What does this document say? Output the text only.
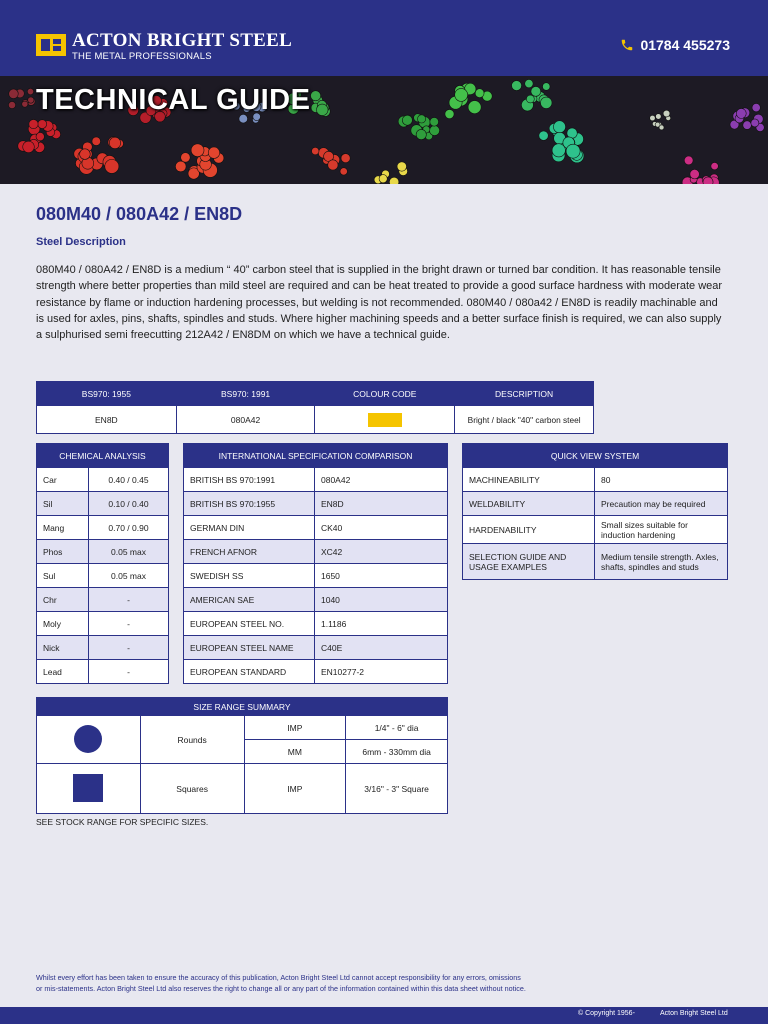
ACTON BRIGHT STEEL
THE METAL PROFESSIONALS
01784 455273
TECHNICAL GUIDE
080M40 / 080A42 / EN8D
Steel Description
080M40 / 080A42 / EN8D is a medium “ 40” carbon steel that is supplied in the bright drawn or turned bar condition. It has reasonable tensile strength where better properties than mild steel are required and can be heat treated to provide a good surface hardness with moderate wear resistance by flame or induction hardening processes, but welding is not recommended. 080M40 / 080a42 / EN8D is readily machinable and is used for axles, pins, shafts, spindles and studs. Where higher machining speeds and a better surface finish is required, we can also supply a sulphurised semi freecutting 212A42 / EN8DM on which we have a technical guide.
BS970: 1955	BS970: 1991	COLOUR CODE	DESCRIPTION
EN8D	080A42		Bright / black "40" carbon steel
CHEMICAL ANALYSIS	
Car	0.40 / 0.45
Sil	0.10 / 0.40
Mang	0.70 / 0.90
Phos	0.05 max
Sul	0.05 max
Chr	-
Moly	-
Nick	-
Lead	-
INTERNATIONAL SPECIFICATION COMPARISON	
BRITISH BS 970:1991	080A42
BRITISH BS 970:1955	EN8D
GERMAN DIN	CK40
FRENCH AFNOR	XC42
SWEDISH SS	1650
AMERICAN SAE	1040
EUROPEAN STEEL NO.	1.1186
EUROPEAN STEEL NAME	C40E
EUROPEAN STANDARD	EN10277-2
QUICK VIEW SYSTEM	
MACHINEABILITY	80
WELDABILITY	Precaution may be required
HARDENABILITY	Small sizes suitable for induction hardening
SELECTION GUIDE AND USAGE EXAMPLES	Medium tensile strength. Axles, shafts, spindles and studs
SIZE RANGE SUMMARY			
	Rounds	IMP	1/4" - 6" dia
		MM	6mm - 330mm dia
	Squares	IMP	3/16" - 3" Square
SEE STOCK RANGE FOR SPECIFIC SIZES.
Whilst every effort has been taken to ensure the accuracy of this publication, Acton Bright Steel Ltd cannot accept responsibility for any errors, omissions
or mis-statements. Acton Bright Steel Ltd also reserves the right to change all or any part of the information contained within this data sheet without notice.
© Copyright 1956-	Acton Bright Steel Ltd
